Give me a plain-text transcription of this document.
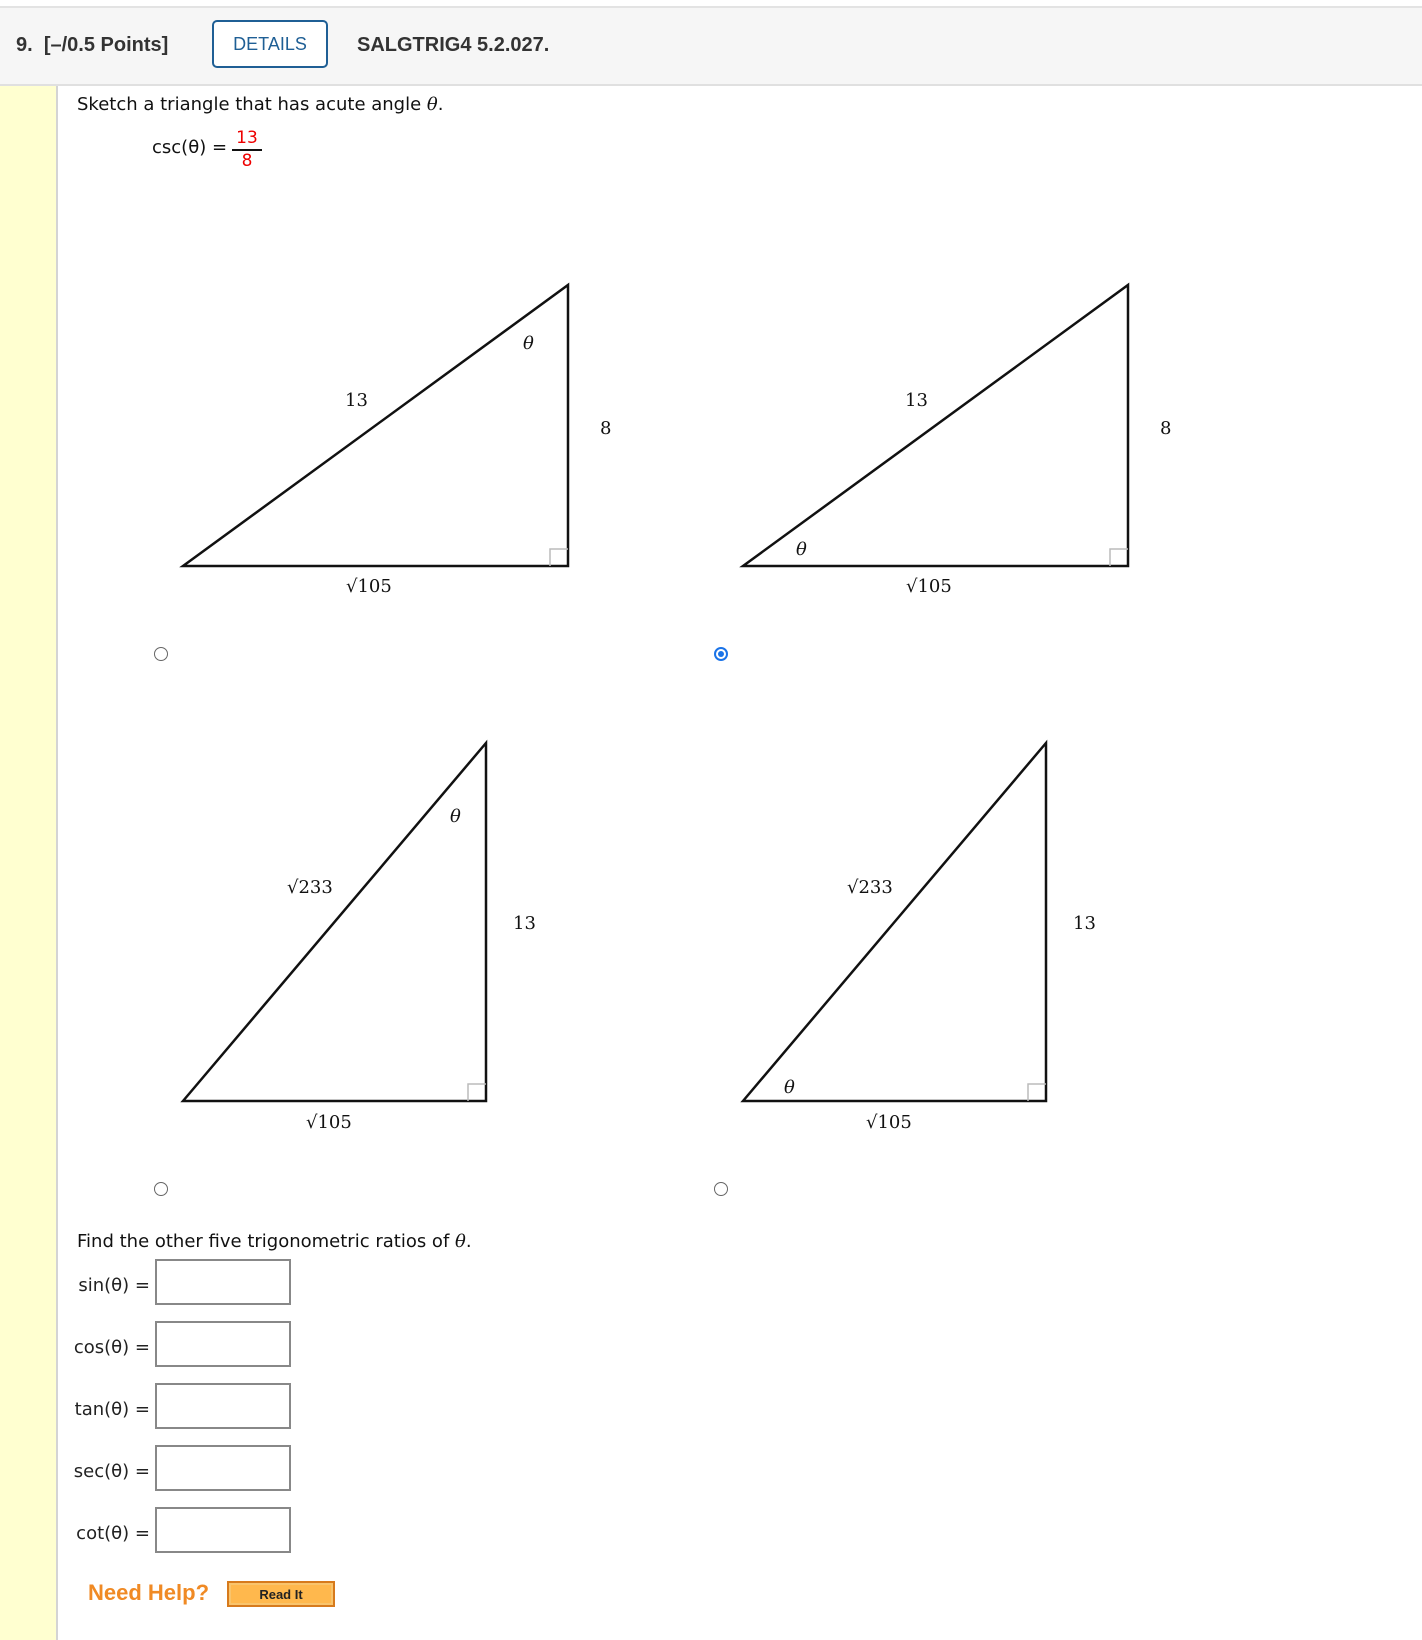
9. [–/0.5 Points]	DETAILS	SALGTRIG4 5.2.027.
Sketch a triangle that has acute angle θ.
$\csc(\theta) = \frac{13}{8}$
θ
13
8
√105
θ
13
8
√105
θ
√233
13
√105
θ
√233
13
√105
Find the other five trigonometric ratios of θ.
sin(θ) =
cos(θ) =
tan(θ) =
sec(θ) =
cot(θ) =
Need Help?	Read It
